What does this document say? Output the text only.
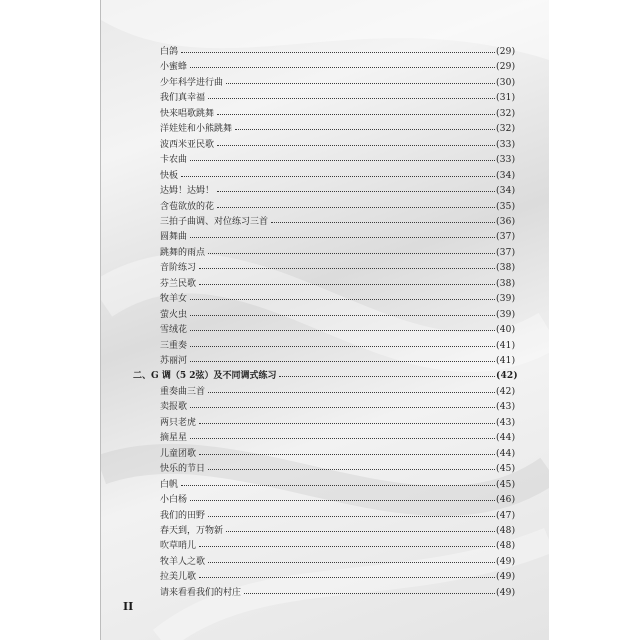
白鸽	(29)
小蜜蜂	(29)
少年科学进行曲	(30)
我们真幸福	(31)
快来唱歌跳舞	(32)
洋娃娃和小熊跳舞	(32)
波西米亚民歌	(33)
卡农曲	(33)
快板	(34)
达姆！达姆！	(34)
含苞欲放的花	(35)
三拍子曲调、对位练习三首	(36)
圆舞曲	(37)
跳舞的雨点	(37)
音阶练习	(38)
芬兰民歌	(38)
牧羊女	(39)
萤火虫	(39)
雪绒花	(40)
三重奏	(41)
苏丽河	(41)
二、G 调（5 2弦）及不同调式练习	(42)
重奏曲三首	(42)
卖报歌	(43)
两只老虎	(43)
摘星星	(44)
儿童团歌	(44)
快乐的节日	(45)
白帆	(45)
小白杨	(46)
我们的田野	(47)
春天到，万物新	(48)
吹草哨儿	(48)
牧羊人之歌	(49)
拉美儿歌	(49)
请来看看我们的村庄	(49)
II
